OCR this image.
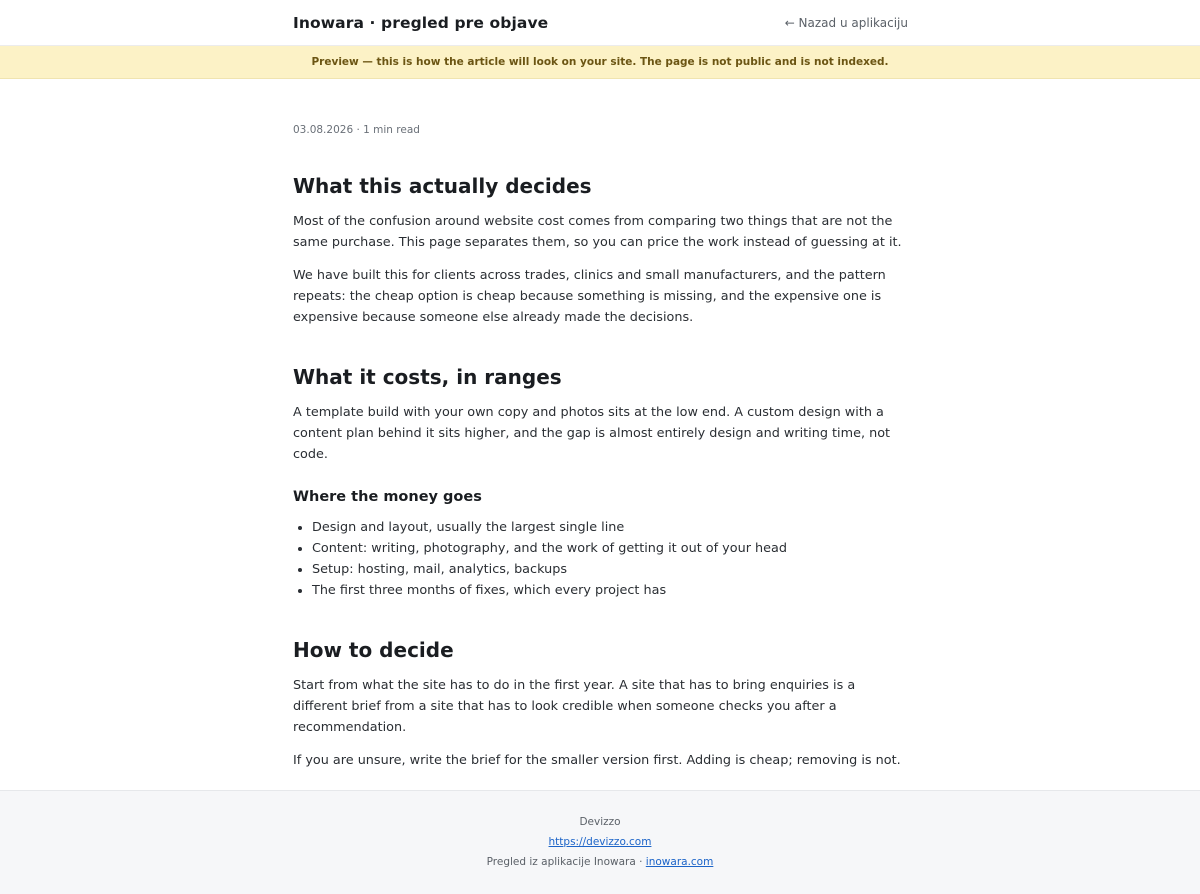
Inowara · pregled pre objave	← Nazad u aplikaciju
Preview — this is how the article will look on your site. The page is not public and is not indexed.

03.08.2026 · 1 min read

What this actually decides

Most of the confusion around website cost comes from comparing two things that are not the same purchase. This page separates them, so you can price the work instead of guessing at it.

We have built this for clients across trades, clinics and small manufacturers, and the pattern repeats: the cheap option is cheap because something is missing, and the expensive one is expensive because someone else already made the decisions.

What it costs, in ranges

A template build with your own copy and photos sits at the low end. A custom design with a content plan behind it sits higher, and the gap is almost entirely design and writing time, not code.

Where the money goes
• Design and layout, usually the largest single line
• Content: writing, photography, and the work of getting it out of your head
• Setup: hosting, mail, analytics, backups
• The first three months of fixes, which every project has
How to decide

Start from what the site has to do in the first year. A site that has to bring enquiries is a different brief from a site that has to look credible when someone checks you after a recommendation.

If you are unsure, write the brief for the smaller version first. Adding is cheap; removing is not.

Devizzo
https://devizzo.com
Pregled iz aplikacije Inowara · inowara.com
